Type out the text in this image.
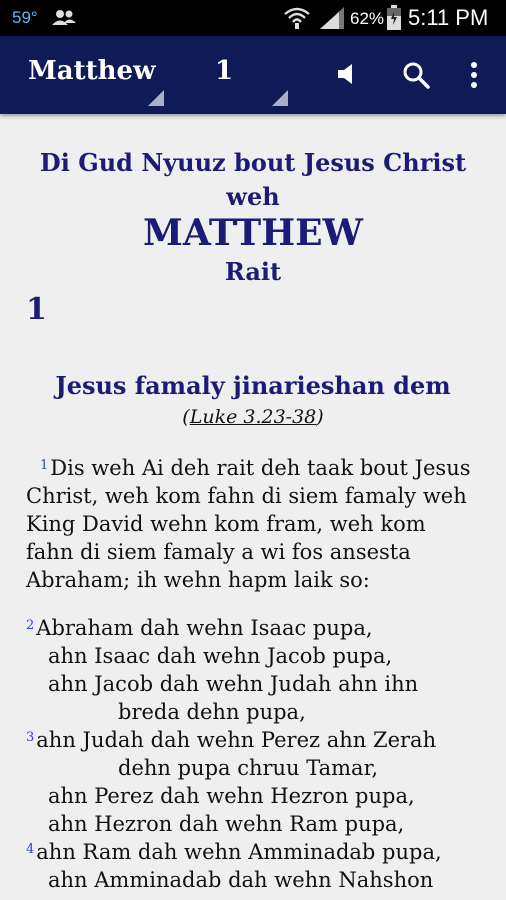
59°	62% 5:11 PM
Matthew 1
Di Gud Nyuuz bout Jesus Christ
weh
MATTHEW
Rait
1
Jesus famaly jinarieshan dem
(Luke 3.23-38)
$^1$Dis weh Ai deh rait deh taak bout Jesus
Christ, weh kom fahn di siem famaly weh
King David wehn kom fram, weh kom
fahn di siem famaly a wi fos ansesta
Abraham; ih wehn hapm laik so:
$^2$Abraham dah wehn Isaac pupa,
ahn Isaac dah wehn Jacob pupa,
ahn Jacob dah wehn Judah ahn ihn
breda dehn pupa,
$^3$ahn Judah dah wehn Perez ahn Zerah
dehn pupa chruu Tamar,
ahn Perez dah wehn Hezron pupa,
ahn Hezron dah wehn Ram pupa,
$^4$ahn Ram dah wehn Amminadab pupa,
ahn Amminadab dah wehn Nahshon
